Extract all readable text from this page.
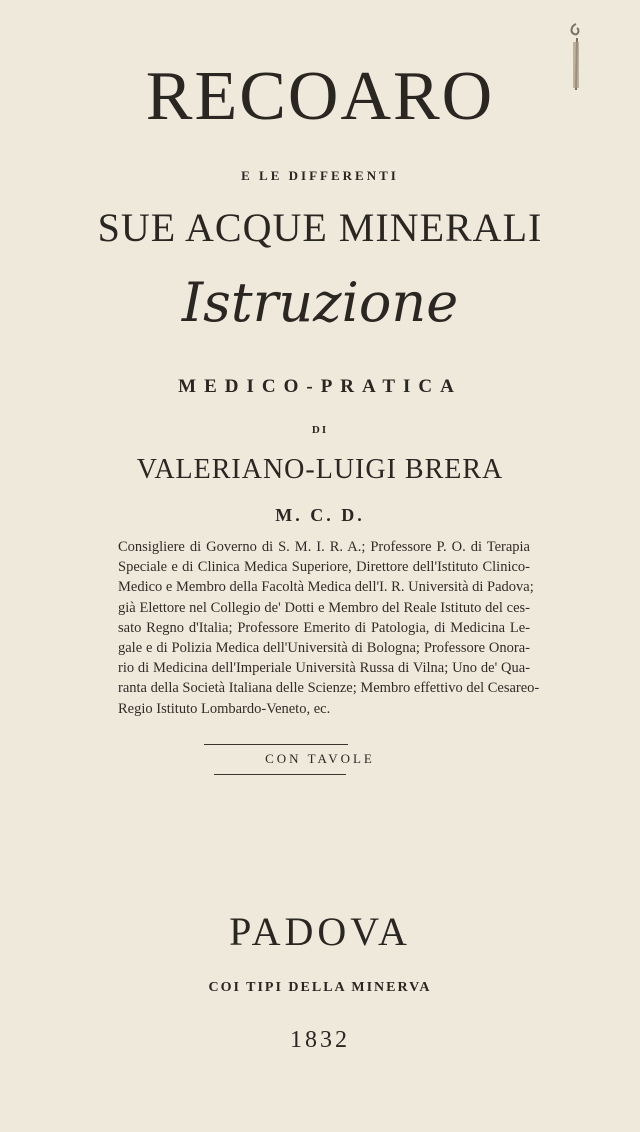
RECOARO
E LE DIFFERENTI
SUE ACQUE MINERALI
Istruzione
MEDICO-PRATICA
DI
VALERIANO-LUIGI BRERA
M. C. D.
Consigliere di Governo di S. M. I. R. A.; Professore P. O. di Terapia
Speciale e di Clinica Medica Superiore, Direttore dell'Istituto Clinico-
Medico e Membro della Facoltà Medica dell'I. R. Università di Padova;
già Elettore nel Collegio de' Dotti e Membro del Reale Istituto del ces-
sato Regno d'Italia; Professore Emerito di Patologia, di Medicina Le-
gale e di Polizia Medica dell'Università di Bologna; Professore Onora-
rio di Medicina dell'Imperiale Università Russa di Vilna; Uno de' Qua-
ranta della Società Italiana delle Scienze; Membro effettivo del Cesareo-
Regio Istituto Lombardo-Veneto, ec.
CON TAVOLE
PADOVA
COI TIPI DELLA MINERVA
1832
